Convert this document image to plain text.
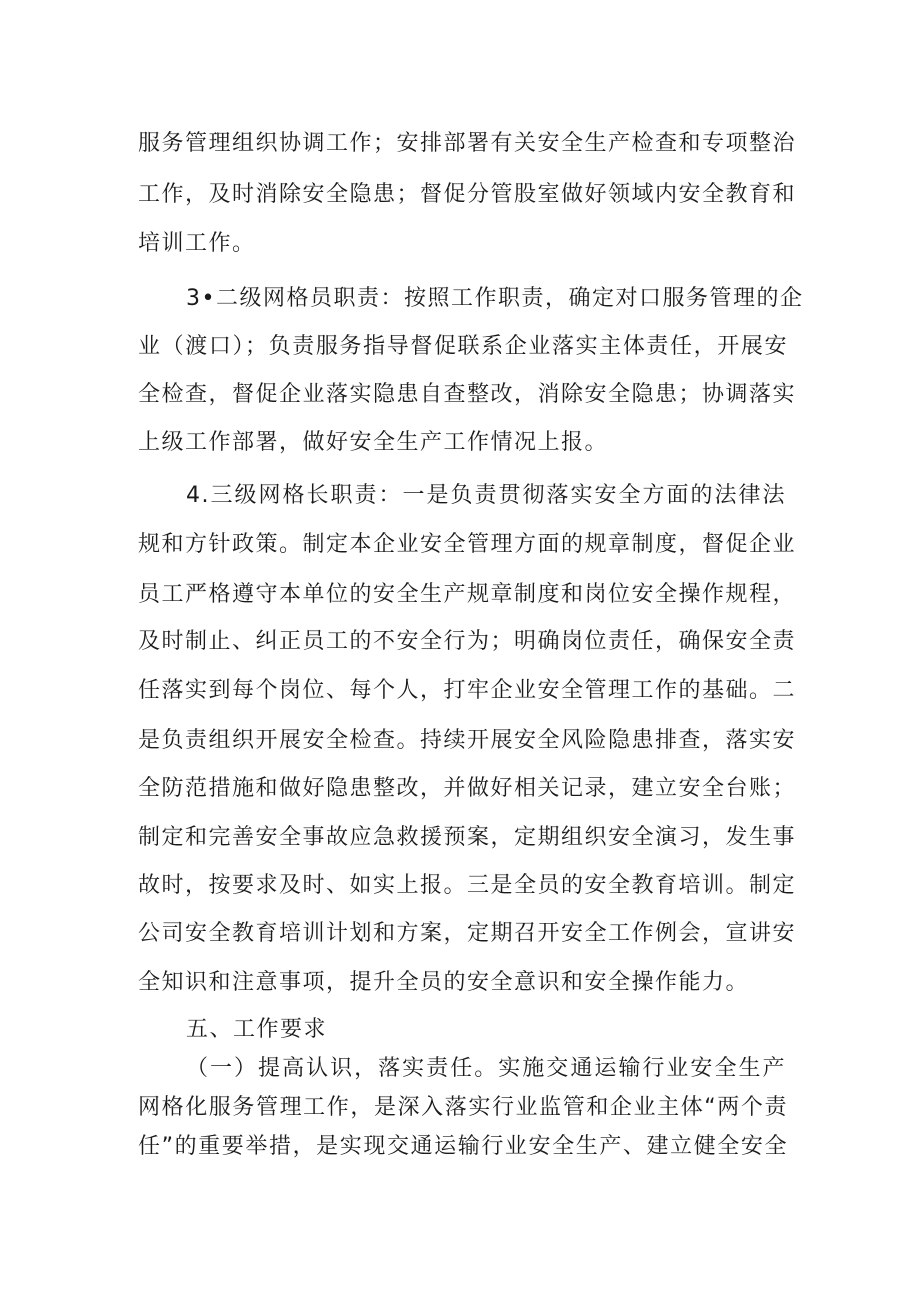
服务管理组织协调工作；安排部署有关安全生产检查和专项整治
工作，及时消除安全隐患；督促分管股室做好领域内安全教育和
培训工作。
3•二级网格员职责：按照工作职责，确定对口服务管理的企
业（渡口）；负责服务指导督促联系企业落实主体责任，开展安
全检查，督促企业落实隐患自查整改，消除安全隐患；协调落实
上级工作部署，做好安全生产工作情况上报。
4.三级网格长职责：一是负责贯彻落实安全方面的法律法
规和方针政策。制定本企业安全管理方面的规章制度，督促企业
员工严格遵守本单位的安全生产规章制度和岗位安全操作规程，
及时制止、纠正员工的不安全行为；明确岗位责任，确保安全责
任落实到每个岗位、每个人，打牢企业安全管理工作的基础。二
是负责组织开展安全检查。持续开展安全风险隐患排查，落实安
全防范措施和做好隐患整改，并做好相关记录，建立安全台账；
制定和完善安全事故应急救援预案，定期组织安全演习，发生事
故时，按要求及时、如实上报。三是全员的安全教育培训。制定
公司安全教育培训计划和方案，定期召开安全工作例会，宣讲安
全知识和注意事项，提升全员的安全意识和安全操作能力。
五、工作要求
（一）提高认识，落实责任。实施交通运输行业安全生产
网格化服务管理工作，是深入落实行业监管和企业主体“两个责
任”的重要举措，是实现交通运输行业安全生产、建立健全安全
